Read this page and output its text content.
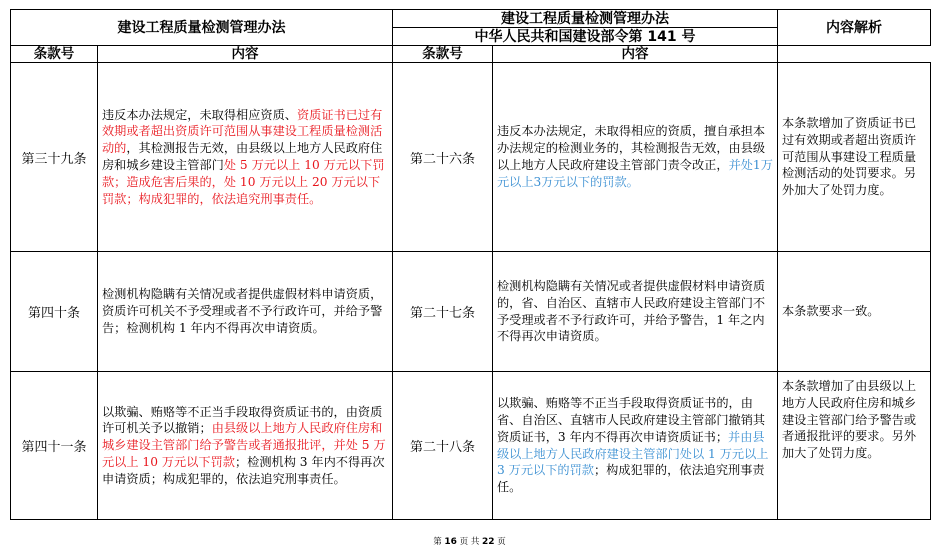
建设工程质量检测管理办法		建设工程质量检测管理办法		内容解析
		中华人民共和国建设部令第 141 号		
条款号	内容	条款号	内容	
第三十九条	违反本办法规定，未取得相应资质、资质证书已过有效期或者超出资质许可范围从事建设工程质量检测活动的，其检测报告无效，由县级以上地方人民政府住房和城乡建设主管部门处 5 万元以上 10 万元以下罚款；造成危害后果的，处 10 万元以上 20 万元以下罚款；构成犯罪的，依法追究刑事责任。	第二十六条	违反本办法规定，未取得相应的资质，擅自承担本办法规定的检测业务的，其检测报告无效，由县级以上地方人民政府建设主管部门责令改正，并处1万元以上3万元以下的罚款。	本条款增加了资质证书已过有效期或者超出资质许可范围从事建设工程质量检测活动的处罚要求。另外加大了处罚力度。
第四十条	检测机构隐瞒有关情况或者提供虚假材料申请资质，资质许可机关不予受理或者不予行政许可，并给予警告；检测机构 1 年内不得再次申请资质。	第二十七条	检测机构隐瞒有关情况或者提供虚假材料申请资质的，省、自治区、直辖市人民政府建设主管部门不予受理或者不予行政许可，并给予警告，1 年之内不得再次申请资质。	本条款要求一致。
第四十一条	以欺骗、贿赂等不正当手段取得资质证书的，由资质许可机关予以撤销；由县级以上地方人民政府住房和城乡建设主管部门给予警告或者通报批评，并处 5 万元以上 10 万元以下罚款；检测机构 3 年内不得再次申请资质；构成犯罪的，依法追究刑事责任。	第二十八条	以欺骗、贿赂等不正当手段取得资质证书的，由省、自治区、直辖市人民政府建设主管部门撤销其资质证书，3 年内不得再次申请资质证书；并由县级以上地方人民政府建设主管部门处以 1 万元以上 3 万元以下的罚款；构成犯罪的，依法追究刑事责任。	本条款增加了由县级以上地方人民政府住房和城乡建设主管部门给予警告或者通报批评的要求。另外加大了处罚力度。
第 16 页 共 22 页
